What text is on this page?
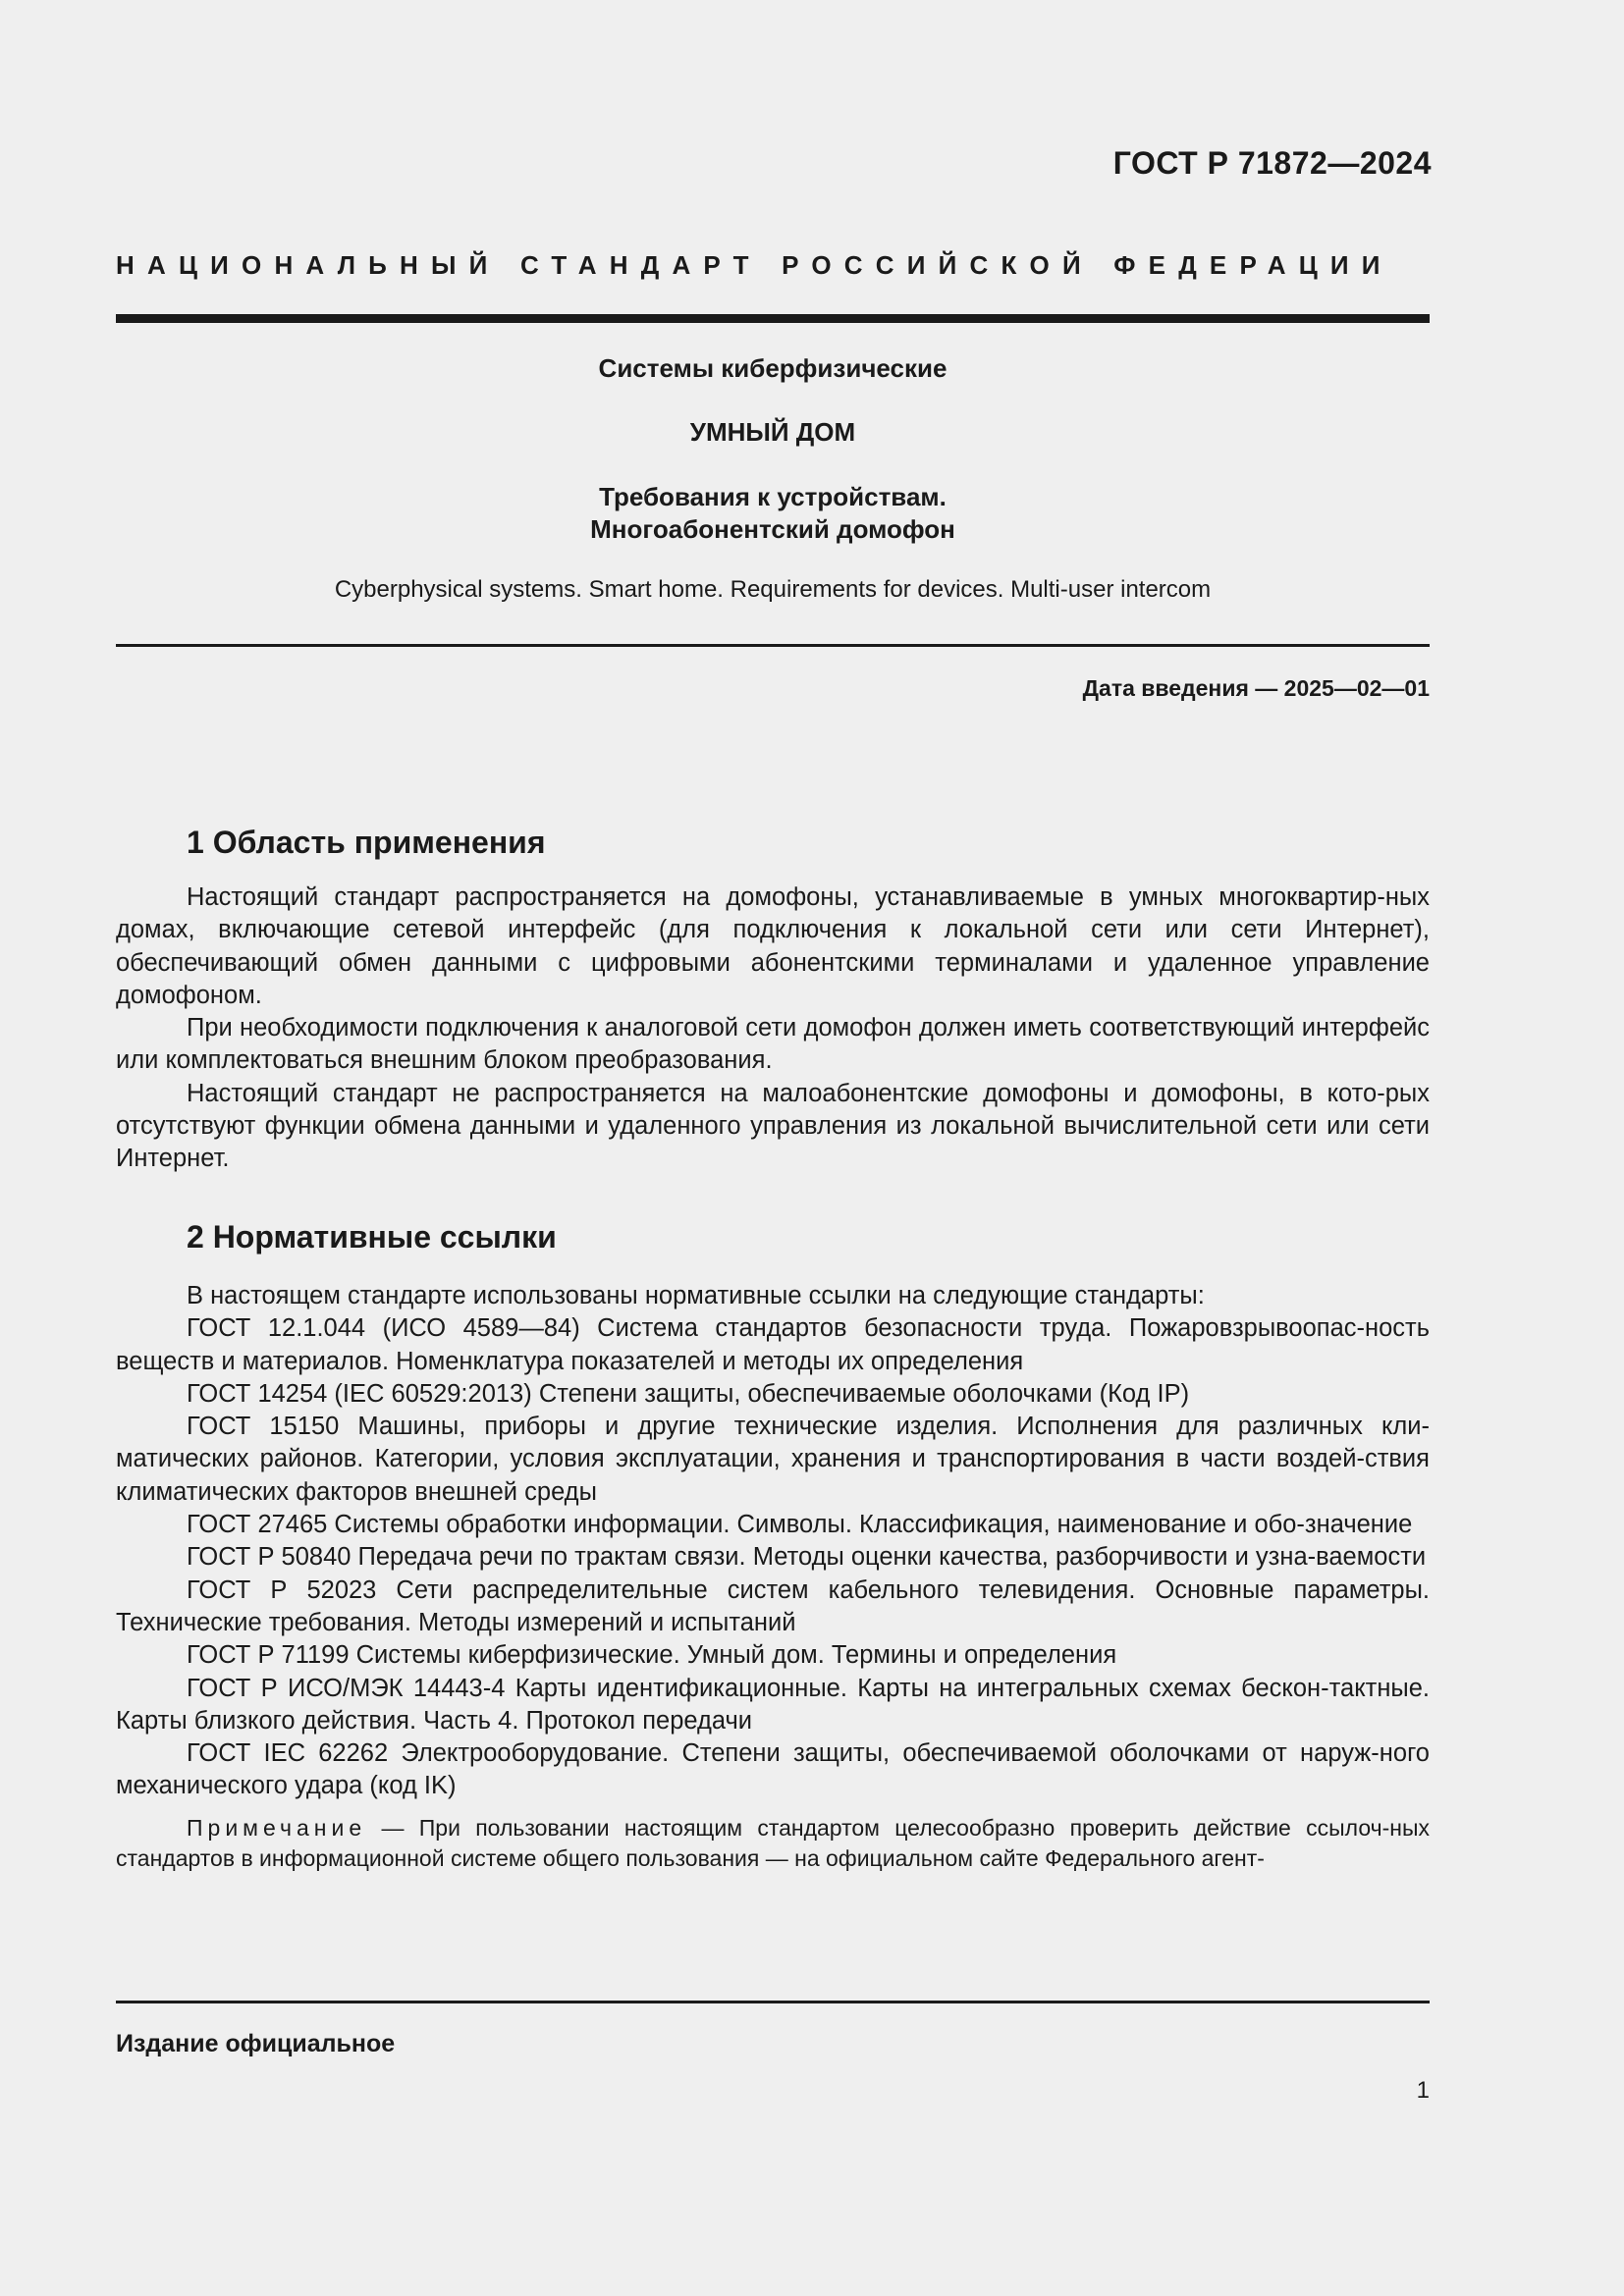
ГОСТ Р 71872—2024
НАЦИОНАЛЬНЫЙ СТАНДАРТ РОССИЙСКОЙ ФЕДЕРАЦИИ
Системы киберфизические
УМНЫЙ ДОМ
Требования к устройствам.
Многоабонентский домофон
Cyberphysical systems. Smart home. Requirements for devices. Multi-user intercom
Дата введения — 2025—02—01
1 Область применения

Настоящий стандарт распространяется на домофоны, устанавливаемые в умных многоквартир-ных домах, включающие сетевой интерфейс (для подключения к локальной сети или сети Интернет), обеспечивающий обмен данными с цифровыми абонентскими терминалами и удаленное управление домофоном.

При необходимости подключения к аналоговой сети домофон должен иметь соответствующий интерфейс или комплектоваться внешним блоком преобразования.

Настоящий стандарт не распространяется на малоабонентские домофоны и домофоны, в кото-рых отсутствуют функции обмена данными и удаленного управления из локальной вычислительной сети или сети Интернет.

2 Нормативные ссылки

В настоящем стандарте использованы нормативные ссылки на следующие стандарты:

ГОСТ 12.1.044 (ИСО 4589—84) Система стандартов безопасности труда. Пожаровзрывоопас-ность веществ и материалов. Номенклатура показателей и методы их определения

ГОСТ 14254 (IEC 60529:2013) Степени защиты, обеспечиваемые оболочками (Код IP)

ГОСТ 15150 Машины, приборы и другие технические изделия. Исполнения для различных кли-матических районов. Категории, условия эксплуатации, хранения и транспортирования в части воздей-ствия климатических факторов внешней среды

ГОСТ 27465 Системы обработки информации. Символы. Классификация, наименование и обо-значение

ГОСТ Р 50840 Передача речи по трактам связи. Методы оценки качества, разборчивости и узна-ваемости

ГОСТ Р 52023 Сети распределительные систем кабельного телевидения. Основные параметры. Технические требования. Методы измерений и испытаний

ГОСТ Р 71199 Системы киберфизические. Умный дом. Термины и определения

ГОСТ Р ИСО/МЭК 14443-4 Карты идентификационные. Карты на интегральных схемах бескон-тактные. Карты близкого действия. Часть 4. Протокол передачи

ГОСТ IEC 62262 Электрооборудование. Степени защиты, обеспечиваемой оболочками от наруж-ного механического удара (код IK)

Примечание — При пользовании настоящим стандартом целесообразно проверить действие ссылоч-ных стандартов в информационной системе общего пользования — на официальном сайте Федерального агент-

Издание официальное
1
